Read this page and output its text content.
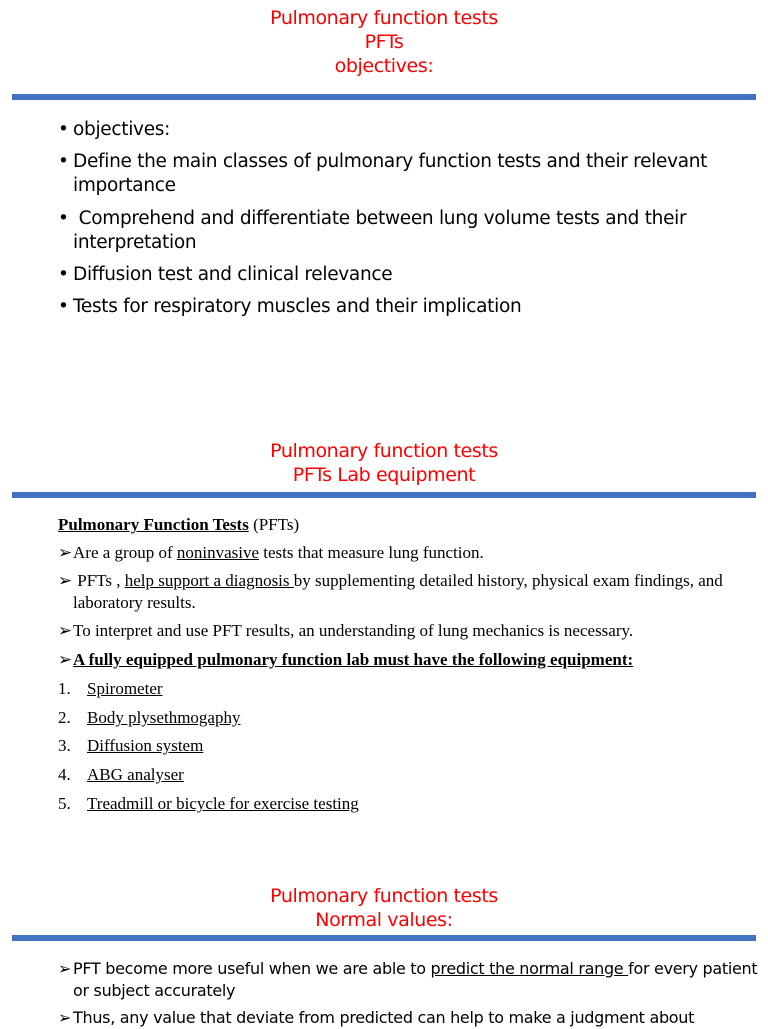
Pulmonary function tests
PFTs
objectives:
• objectives:
• Define the main classes of pulmonary function tests and their relevant importance
• Comprehend and differentiate between lung volume tests and their interpretation
• Diffusion test and clinical relevance
• Tests for respiratory muscles and their implication
Pulmonary function tests
PFTs Lab equipment
Pulmonary Function Tests (PFTs)
➢ Are a group of noninvasive tests that measure lung function.
➢ PFTs , help support a diagnosis by supplementing detailed history, physical exam findings, and laboratory results.
➢ To interpret and use PFT results, an understanding of lung mechanics is necessary.
➢ A fully equipped pulmonary function lab must have the following equipment:
1. Spirometer
2. Body plysethmogaphy
3. Diffusion system
4. ABG analyser
5. Treadmill or bicycle for exercise testing
Pulmonary function tests
Normal values:
➢ PFT become more useful when we are able to predict the normal range for every patient or subject accurately
➢ Thus, any value that deviate from predicted can help to make a judgment about
